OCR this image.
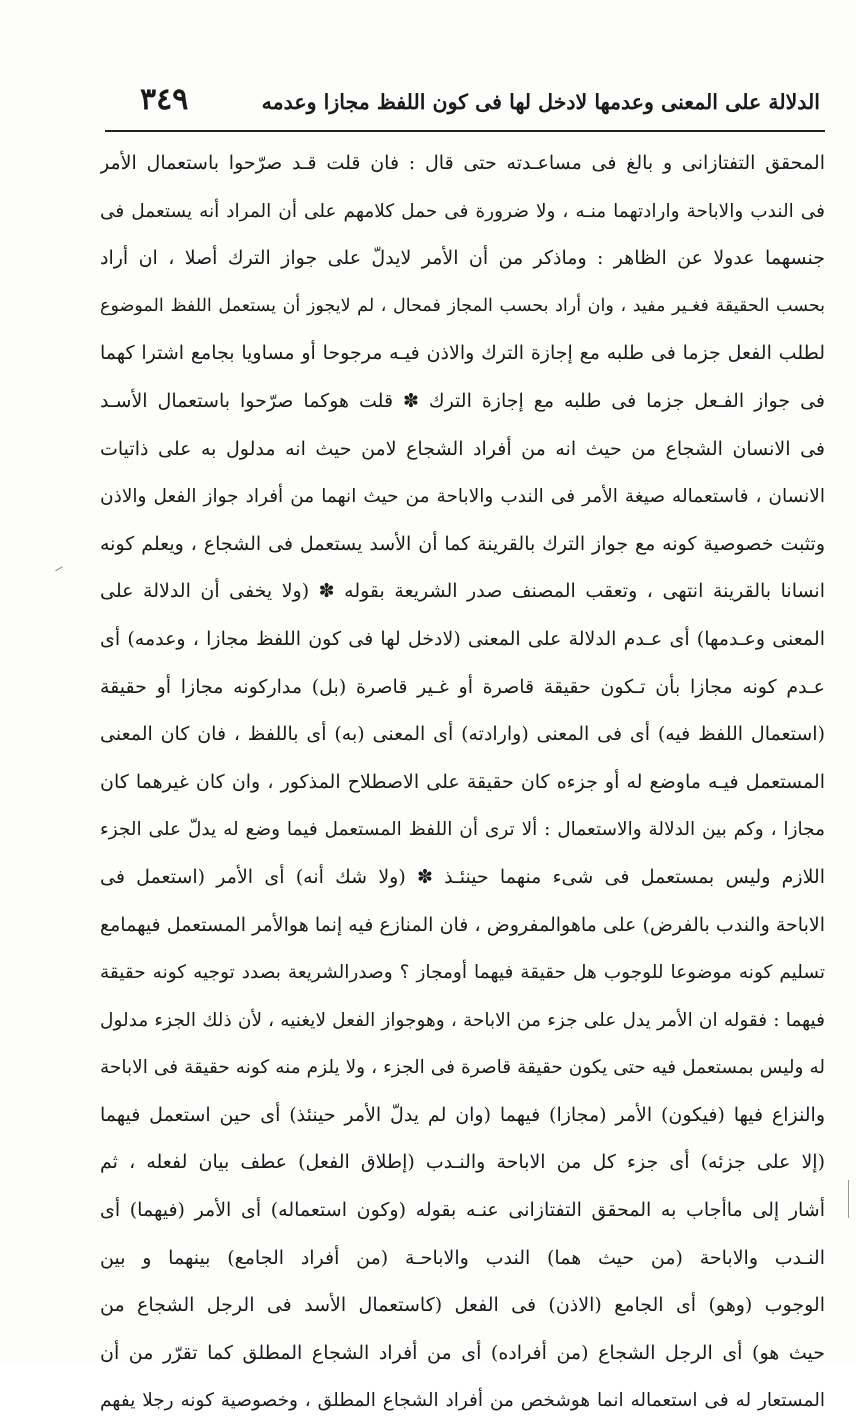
الدلالة على المعنى وعدمها لادخل لها فى كون اللفظ مجازا وعدمه
٣٤٩
المحقق التفتازانى و بالغ فى مساعـدته حتى قال : فان قلت قـد صرّحوا باستعمال الأمر
فى الندب والاباحة وارادتهما منـه ، ولا ضرورة فى حمل كلامهم على أن المراد أنه يستعمل فى
جنسهما عدولا عن الظاهر : وماذكر من أن الأمر لايدلّ على جواز الترك أصلا ، ان أراد
بحسب الحقيقة فغـير مفيد ، وان أراد بحسب المجاز فمحال ، لم لايجوز أن يستعمل اللفظ الموضوع
لطلب الفعل جزما فى طلبه مع إجازة الترك والاذن فيـه مرجوحا أو مساويا بجامع اشترا كهما
فى جواز الفـعل جزما فى طلبه مع إجازة الترك ✽ قلت هوكما صرّحوا باستعمال الأسـد
فى الانسان الشجاع من حيث انه من أفراد الشجاع لامن حيث انه مدلول به على ذاتيات
الانسان ، فاستعماله صيغة الأمر فى الندب والاباحة من حيث انهما من أفراد جواز الفعل والاذن
وتثبت خصوصية كونه مع جواز الترك بالقرينة كما أن الأسد يستعمل فى الشجاع ، ويعلم كونه
انسانا بالقرينة انتهى ، وتعقب المصنف صدر الشريعة بقوله ✽ (ولا يخفى أن الدلالة على
المعنى وعـدمها) أى عـدم الدلالة على المعنى (لادخل لها فى كون اللفظ مجازا ، وعدمه) أى
عـدم كونه مجازا بأن تـكون حقيقة قاصرة أو غـير قاصرة (بل) مداركونه مجازا أو حقيقة
(استعمال اللفظ فيه) أى فى المعنى (وارادته) أى المعنى (به) أى باللفظ ، فان كان المعنى
المستعمل فيـه ماوضع له أو جزءه كان حقيقة على الاصطلاح المذكور ، وان كان غيرهما كان
مجازا ، وكم بين الدلالة والاستعمال : ألا ترى أن اللفظ المستعمل فيما وضع له يدلّ على الجزء
اللازم وليس بمستعمل فى شىء منهما حينئـذ ✽ (ولا شك أنه) أى الأمر (استعمل فى
الاباحة والندب بالفرض) على ماهوالمفروض ، فان المنازع فيه إنما هوالأمر المستعمل فيهمامع
تسليم كونه موضوعا للوجوب هل حقيقة فيهما أومجاز ؟ وصدرالشريعة بصدد توجيه كونه حقيقة
فيهما : فقوله ان الأمر يدل على جزء من الاباحة ، وهوجواز الفعل لايغنيه ، لأن ذلك الجزء مدلول
له وليس بمستعمل فيه حتى يكون حقيقة قاصرة فى الجزء ، ولا يلزم منه كونه حقيقة فى الاباحة
والنزاع فيها (فيكون) الأمر (مجازا) فيهما (وان لم يدلّ الأمر حينئذ) أى حين استعمل فيهما
(إلا على جزئه) أى جزء كل من الاباحة والنـدب (إطلاق الفعل) عطف بيان لفعله ، ثم
أشار إلى ماأجاب به المحقق التفتازانى عنـه بقوله (وكون استعماله) أى الأمر (فيهما) أى
النـدب والاباحة (من حيث هما) الندب والاباحـة (من أفراد الجامع) بينهما و بين
الوجوب (وهو) أى الجامع (الاذن) فى الفعل (كاستعمال الأسد فى الرجل الشجاع من
حيث هو) أى الرجل الشجاع (من أفراده) أى من أفراد الشجاع المطلق كما تقرّر من أن
المستعار له فى استعماله انما هوشخص من أفراد الشجاع المطلق ، وخصوصية كونه رجلا يفهم
